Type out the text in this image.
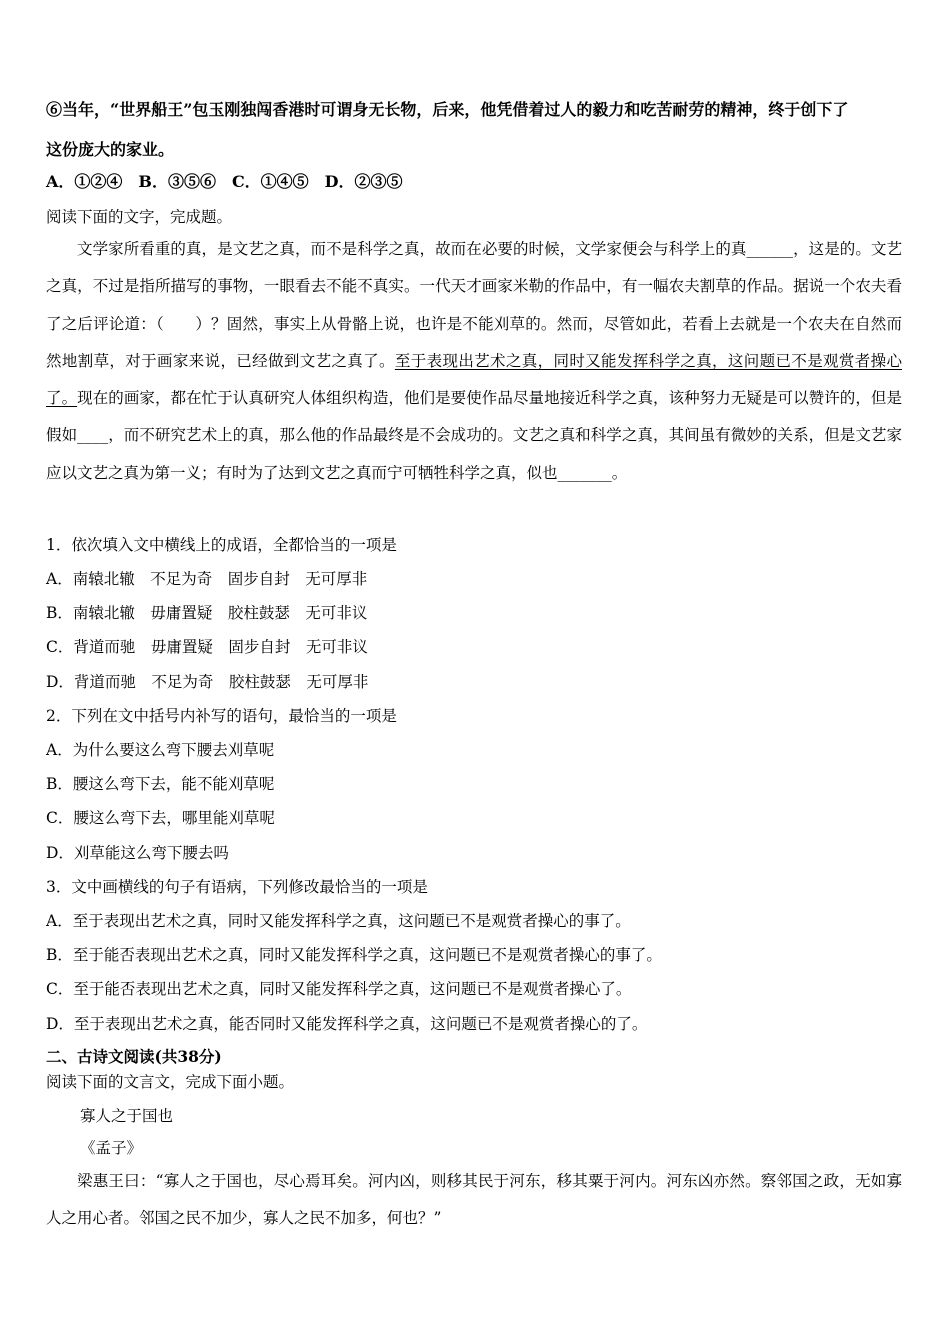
⑥当年，“世界船王”包玉刚独闯香港时可谓身无长物，后来，他凭借着过人的毅力和吃苦耐劳的精神，终于创下了
这份庞大的家业。
A．①②④　B．③⑤⑥　C．①④⑤　D．②③⑤
阅读下面的文字，完成题。
文学家所看重的真，是文艺之真，而不是科学之真，故而在必要的时候，文学家便会与科学上的真______，这是的。文艺之真，不过是指所描写的事物，一眼看去不能不真实。一代天才画家米勒的作品中，有一幅农夫割草的作品。据说一个农夫看了之后评论道：（　　）？固然，事实上从骨骼上说，也许是不能刈草的。然而，尽管如此，若看上去就是一个农夫在自然而然地割草，对于画家来说，已经做到文艺之真了。至于表现出艺术之真，同时又能发挥科学之真，这问题已不是观赏者操心了。现在的画家，都在忙于认真研究人体组织构造，他们是要使作品尽量地接近科学之真，该种努力无疑是可以赞许的，但是假如____，而不研究艺术上的真，那么他的作品最终是不会成功的。文艺之真和科学之真，其间虽有微妙的关系，但是文艺家应以文艺之真为第一义；有时为了达到文艺之真而宁可牺牲科学之真，似也_______。
1．依次填入文中横线上的成语，全都恰当的一项是
A．南辕北辙　不足为奇　固步自封　无可厚非
B．南辕北辙　毋庸置疑　胶柱鼓瑟　无可非议
C．背道而驰　毋庸置疑　固步自封　无可非议
D．背道而驰　不足为奇　胶柱鼓瑟　无可厚非
2．下列在文中括号内补写的语句，最恰当的一项是
A．为什么要这么弯下腰去刈草呢
B．腰这么弯下去，能不能刈草呢
C．腰这么弯下去，哪里能刈草呢
D．刈草能这么弯下腰去吗
3．文中画横线的句子有语病，下列修改最恰当的一项是
A．至于表现出艺术之真，同时又能发挥科学之真，这问题已不是观赏者操心的事了。
B．至于能否表现出艺术之真，同时又能发挥科学之真，这问题已不是观赏者操心的事了。
C．至于能否表现出艺术之真，同时又能发挥科学之真，这问题已不是观赏者操心了。
D．至于表现出艺术之真，能否同时又能发挥科学之真，这问题已不是观赏者操心的了。
二、古诗文阅读(共38分)
阅读下面的文言文，完成下面小题。
寡人之于国也
《孟子》
梁惠王曰：“寡人之于国也，尽心焉耳矣。河内凶，则移其民于河东，移其粟于河内。河东凶亦然。察邻国之政，无如寡人之用心者。邻国之民不加少，寡人之民不加多，何也？”
